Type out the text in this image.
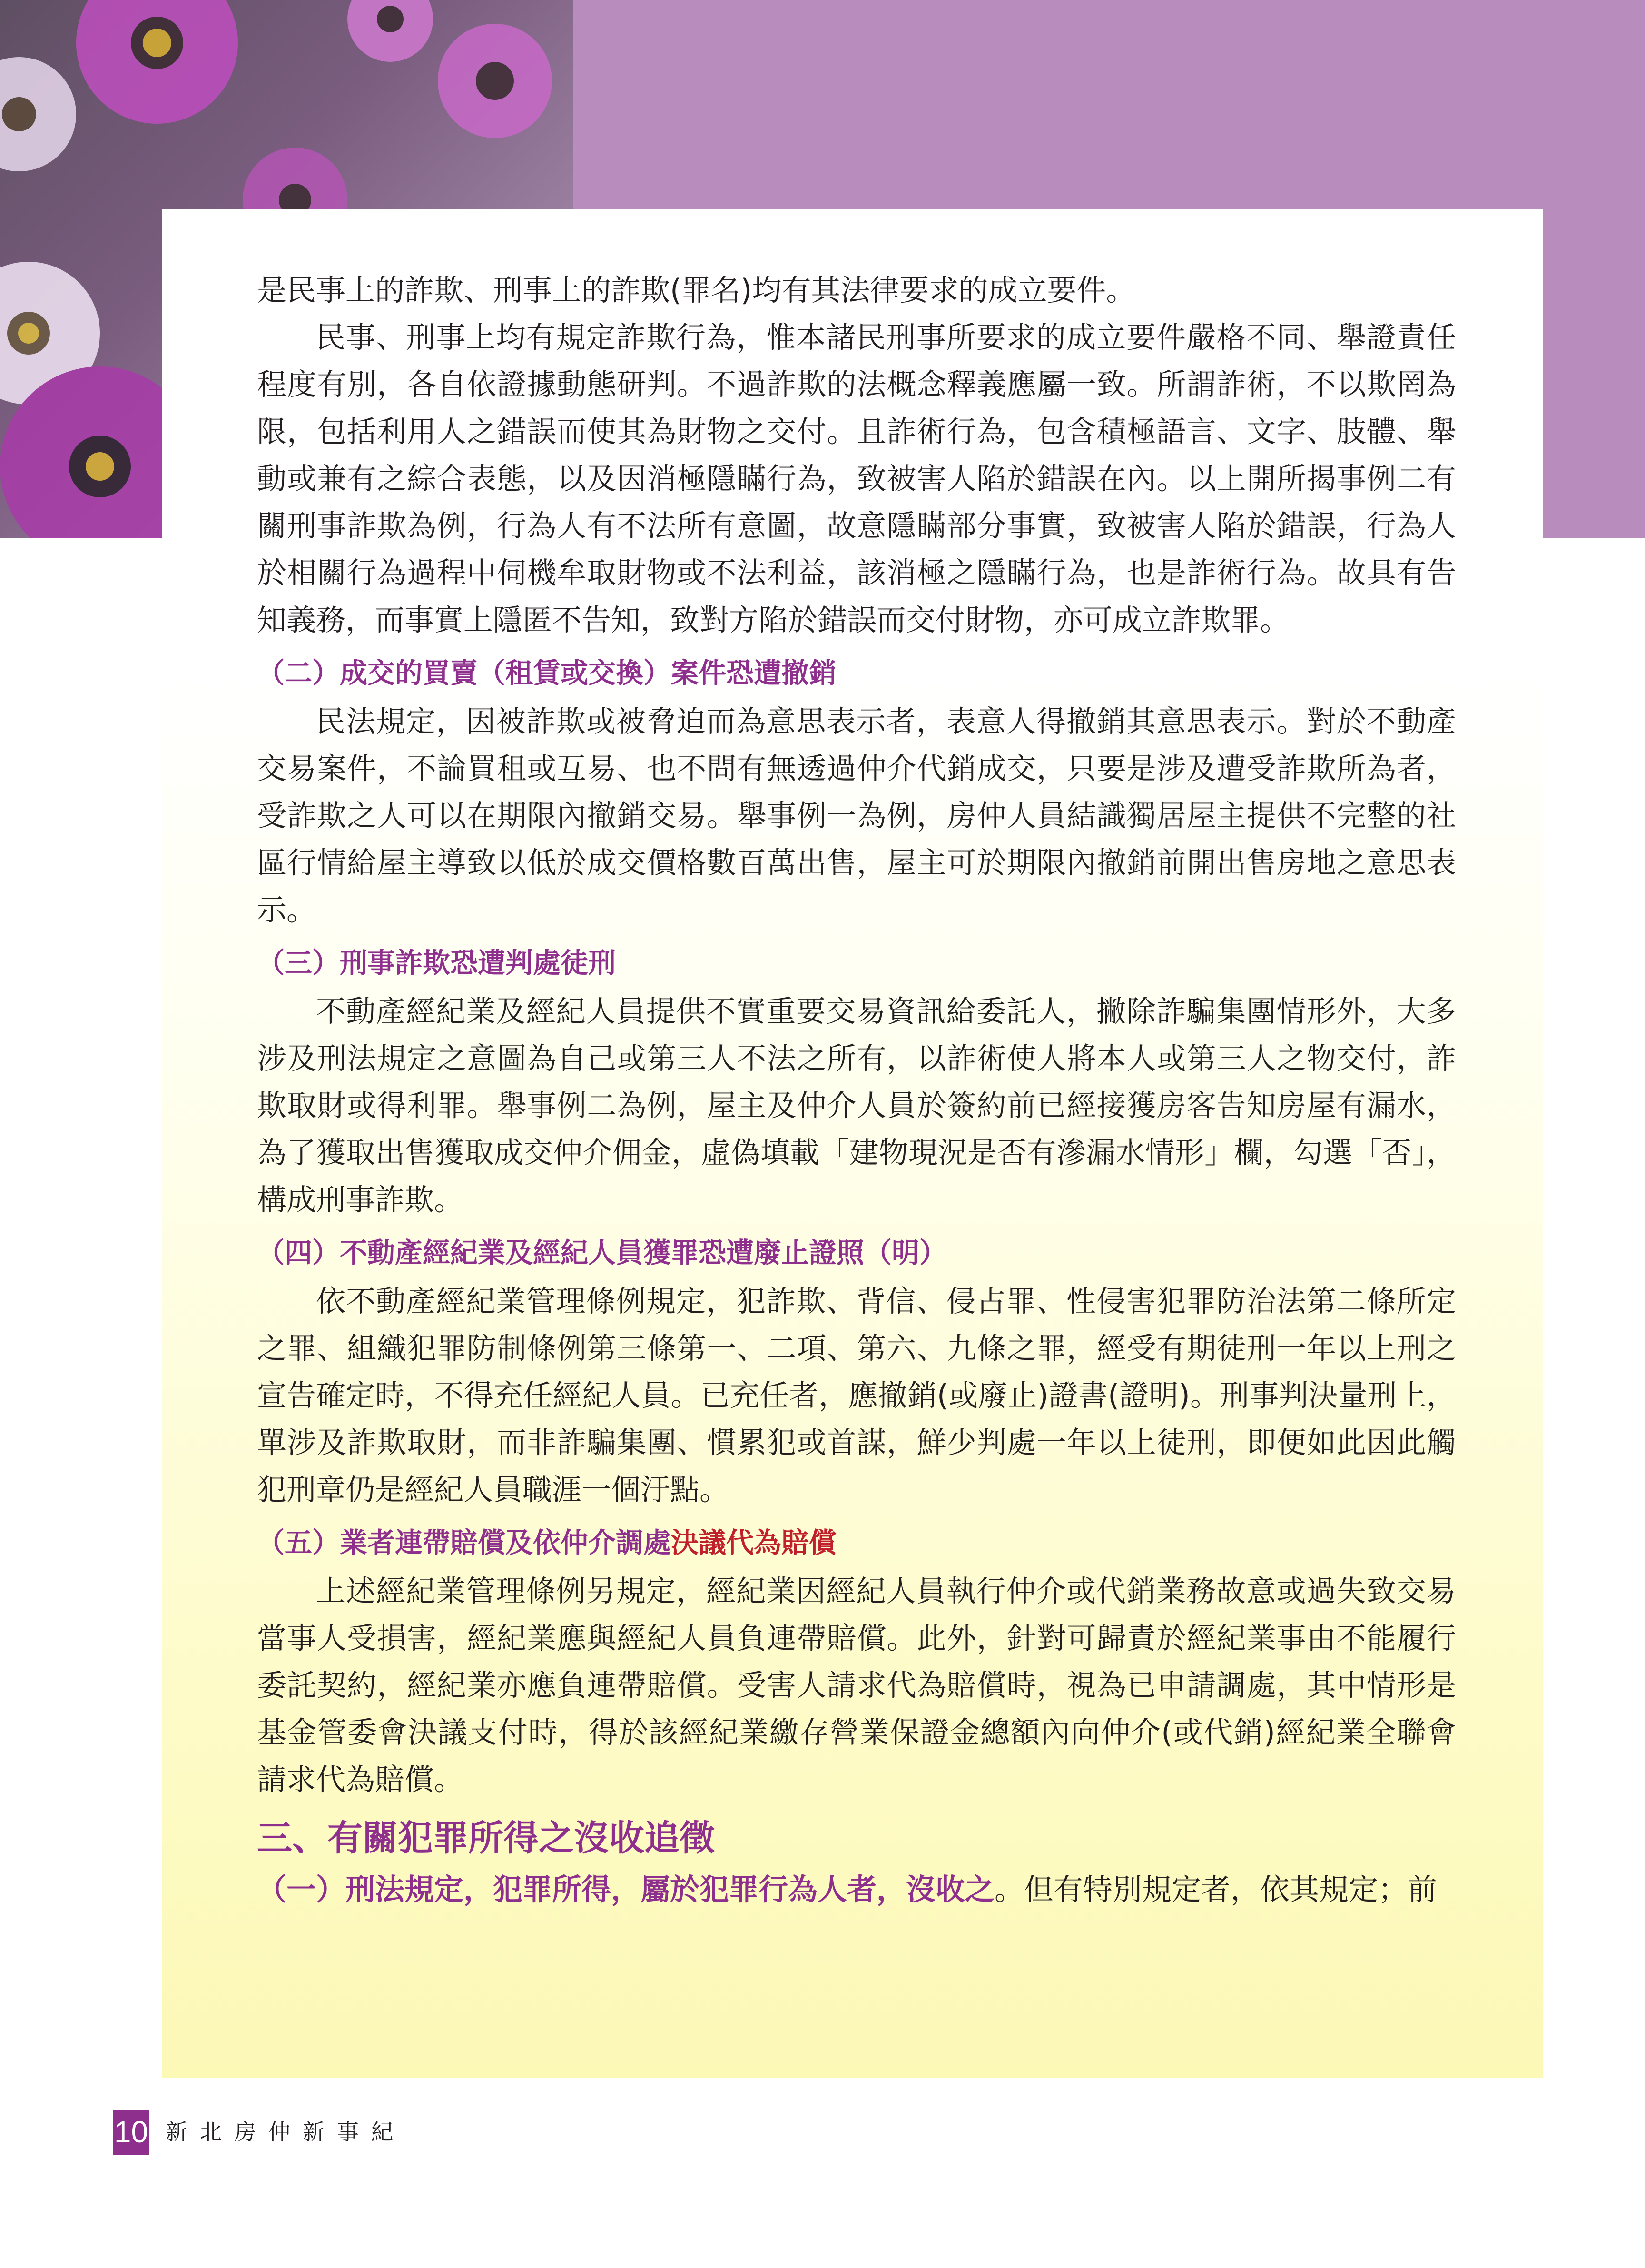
是民事上的詐欺、刑事上的詐欺(罪名)均有其法律要求的成立要件。

民事、刑事上均有規定詐欺行為，惟本諸民刑事所要求的成立要件嚴格不同、舉證責任程度有別，各自依證據動態研判。不過詐欺的法概念釋義應屬一致。所謂詐術，不以欺罔為限，包括利用人之錯誤而使其為財物之交付。且詐術行為，包含積極語言、文字、肢體、舉動或兼有之綜合表態，以及因消極隱瞞行為，致被害人陷於錯誤在內。以上開所揭事例二有關刑事詐欺為例，行為人有不法所有意圖，故意隱瞞部分事實，致被害人陷於錯誤，行為人於相關行為過程中伺機牟取財物或不法利益，該消極之隱瞞行為，也是詐術行為。故具有告知義務，而事實上隱匿不告知，致對方陷於錯誤而交付財物，亦可成立詐欺罪。

（二）成交的買賣（租賃或交換）案件恐遭撤銷

民法規定，因被詐欺或被脅迫而為意思表示者，表意人得撤銷其意思表示。對於不動產交易案件，不論買租或互易、也不問有無透過仲介代銷成交，只要是涉及遭受詐欺所為者，受詐欺之人可以在期限內撤銷交易。舉事例一為例，房仲人員結識獨居屋主提供不完整的社區行情給屋主導致以低於成交價格數百萬出售，屋主可於期限內撤銷前開出售房地之意思表示。

（三）刑事詐欺恐遭判處徒刑

不動產經紀業及經紀人員提供不實重要交易資訊給委託人，撇除詐騙集團情形外，大多涉及刑法規定之意圖為自己或第三人不法之所有，以詐術使人將本人或第三人之物交付，詐欺取財或得利罪。舉事例二為例，屋主及仲介人員於簽約前已經接獲房客告知房屋有漏水，為了獲取出售獲取成交仲介佣金，虛偽填載「建物現況是否有滲漏水情形」欄，勾選「否」，構成刑事詐欺。

（四）不動產經紀業及經紀人員獲罪恐遭廢止證照（明）

依不動產經紀業管理條例規定，犯詐欺、背信、侵占罪、性侵害犯罪防治法第二條所定之罪、組織犯罪防制條例第三條第一、二項、第六、九條之罪，經受有期徒刑一年以上刑之宣告確定時，不得充任經紀人員。已充任者，應撤銷(或廢止)證書(證明)。刑事判決量刑上，單涉及詐欺取財，而非詐騙集團、慣累犯或首謀，鮮少判處一年以上徒刑，即便如此因此觸犯刑章仍是經紀人員職涯一個汙點。

（五）業者連帶賠償及依仲介調處決議代為賠償

上述經紀業管理條例另規定，經紀業因經紀人員執行仲介或代銷業務故意或過失致交易當事人受損害，經紀業應與經紀人員負連帶賠償。此外，針對可歸責於經紀業事由不能履行委託契約，經紀業亦應負連帶賠償。受害人請求代為賠償時，視為已申請調處，其中情形是基金管委會決議支付時，得於該經紀業繳存營業保證金總額內向仲介(或代銷)經紀業全聯會請求代為賠償。

三、有關犯罪所得之沒收追徵

（一）刑法規定，犯罪所得，屬於犯罪行為人者，沒收之。但有特別規定者，依其規定；前

10 新北房仲新事紀
